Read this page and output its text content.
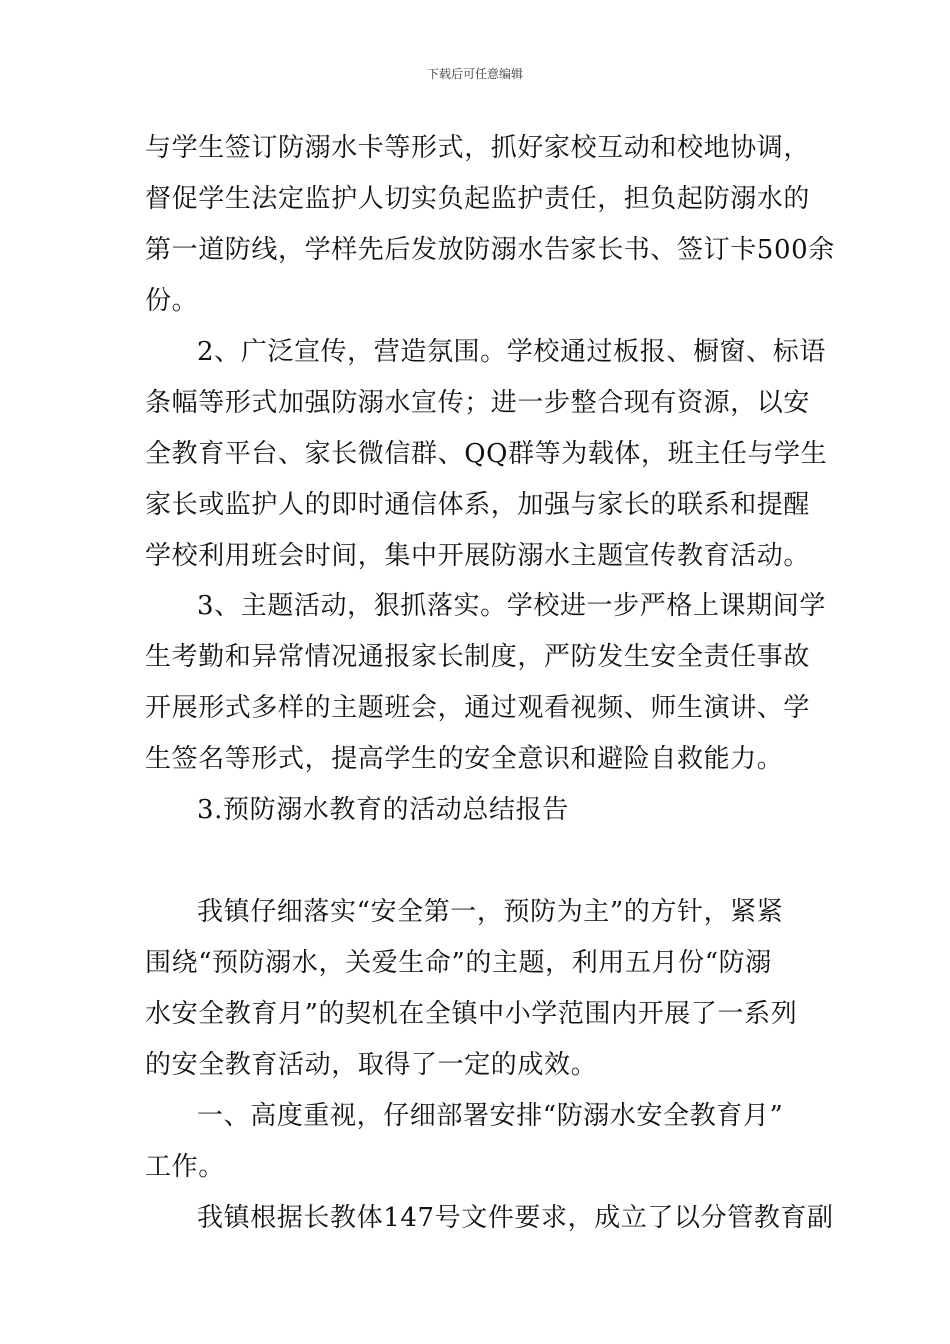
下载后可任意编辑
与学生签订防溺水卡等形式，抓好家校互动和校地协调，
督促学生法定监护人切实负起监护责任，担负起防溺水的
第一道防线，学样先后发放防溺水告家长书、签订卡500余
份。
2、广泛宣传，营造氛围。学校通过板报、橱窗、标语
条幅等形式加强防溺水宣传；进一步整合现有资源，以安
全教育平台、家长微信群、QQ群等为载体，班主任与学生
家长或监护人的即时通信体系，加强与家长的联系和提醒
学校利用班会时间，集中开展防溺水主题宣传教育活动。
3、主题活动，狠抓落实。学校进一步严格上课期间学
生考勤和异常情况通报家长制度，严防发生安全责任事故
开展形式多样的主题班会，通过观看视频、师生演讲、学
生签名等形式，提高学生的安全意识和避险自救能力。
3.预防溺水教育的活动总结报告
我镇仔细落实“安全第一，预防为主”的方针，紧紧
围绕“预防溺水，关爱生命”的主题，利用五月份“防溺
水安全教育月”的契机在全镇中小学范围内开展了一系列
的安全教育活动，取得了一定的成效。
一、高度重视，仔细部署安排“防溺水安全教育月”
工作。
我镇根据长教体147号文件要求，成立了以分管教育副
